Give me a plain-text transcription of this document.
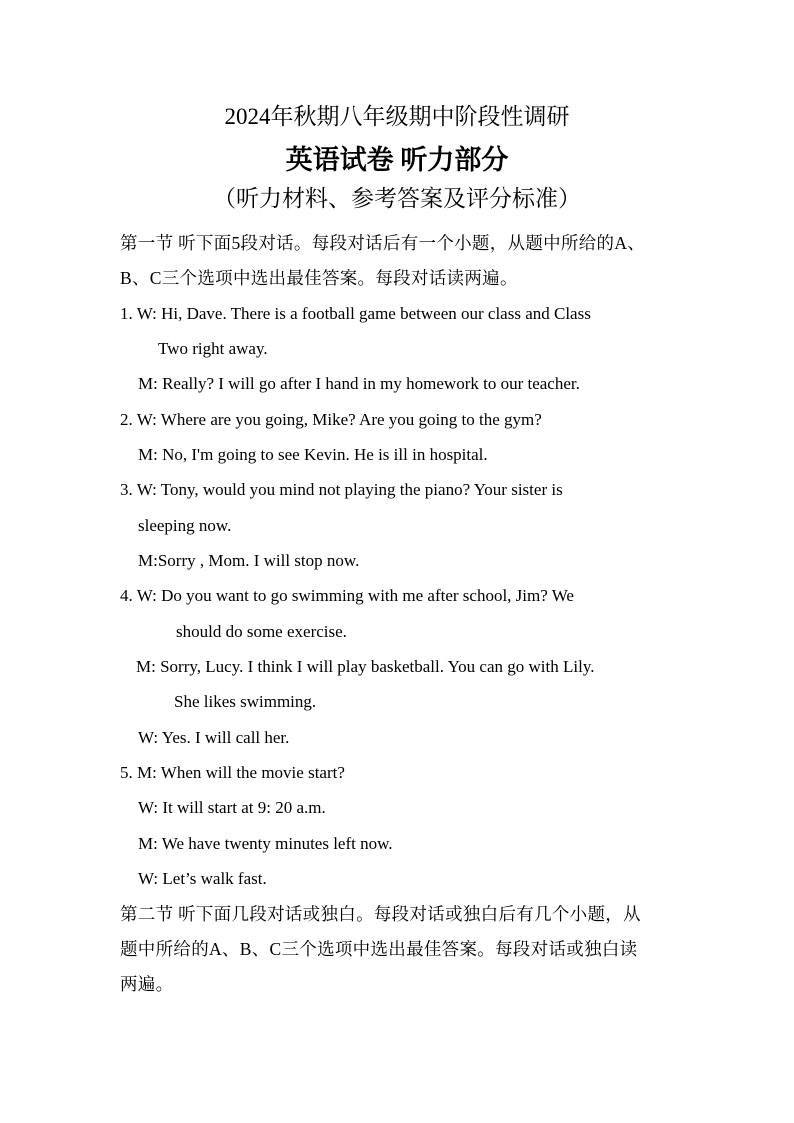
2024年秋期八年级期中阶段性调研
英语试卷 听力部分
（听力材料、参考答案及评分标准）
第一节 听下面5段对话。每段对话后有一个小题，从题中所给的A、
B、C三个选项中选出最佳答案。每段对话读两遍。
1. W: Hi, Dave. There is a football game between our class and Class
Two right away.
M: Really? I will go after I hand in my homework to our teacher.
2. W: Where are you going, Mike? Are you going to the gym?
M: No, I'm going to see Kevin. He is ill in hospital.
3. W: Tony, would you mind not playing the piano? Your sister is
sleeping now.
M:Sorry , Mom. I will stop now.
4. W: Do you want to go swimming with me after school, Jim? We
should do some exercise.
M: Sorry, Lucy. I think I will play basketball. You can go with Lily.
She likes swimming.
W: Yes. I will call her.
5. M: When will the movie start?
W: It will start at 9: 20 a.m.
M: We have twenty minutes left now.
W: Let’s walk fast.
第二节 听下面几段对话或独白。每段对话或独白后有几个小题，从
题中所给的A、B、C三个选项中选出最佳答案。每段对话或独白读
两遍。
